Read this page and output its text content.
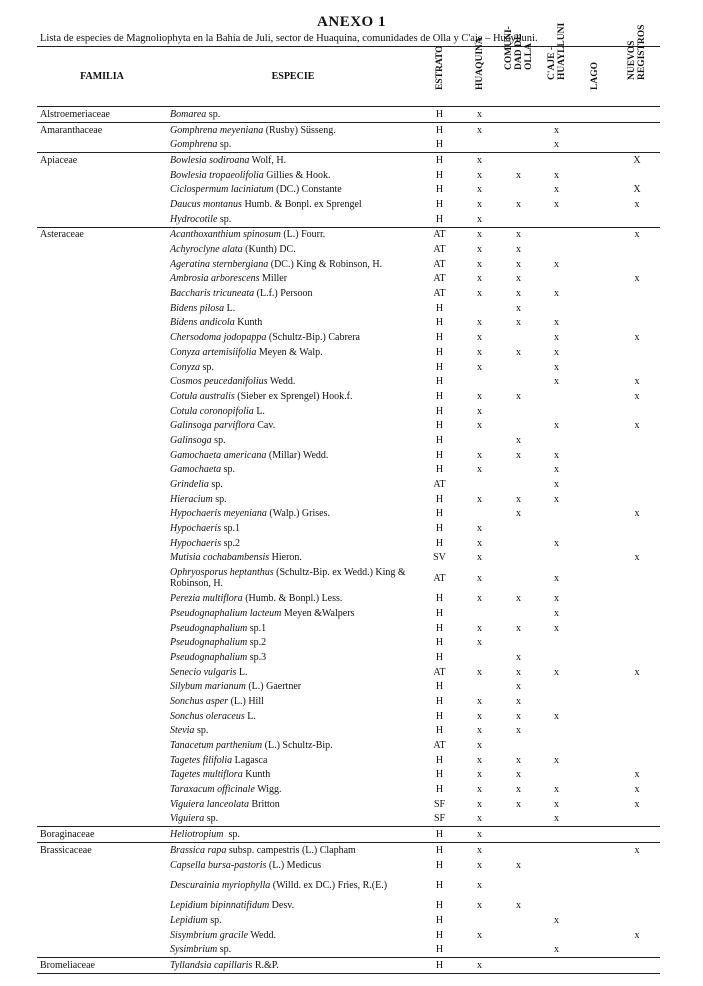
ANEXO 1
Lista de especies de Magnoliophyta en la Bahía de Juli, sector de Huaquina, comunidades de Olla y C'aje – Huaylluni.
FAMILIA	ESPECIE	ESTRATO	HUAQUINA	COMUNI-
DAD DE
OLLA	C'AJE -
HUAYLLUNI	LAGO	NUEVOS
REGISTROS

Alstroemeriaceae	Bomarea sp.	H	x				
Amaranthaceae	Gomphrena meyeniana (Rusby) Süsseng.	H	x		x		
	Gomphrena sp.	H			x		
Apiaceae	Bowlesia sodiroana Wolf, H.	H	x				X
	Bowlesia tropaeolifolia Gillies & Hook.	H	x	x	x		
	Ciclospermum laciniatum (DC.) Constante	H	x		x		X
	Daucus montanus Humb. & Bonpl. ex Sprengel	H	x	x	x		x
	Hydrocotile sp.	H	x				
Asteraceae	Acanthoxanthium spinosum (L.) Fourr.	AT	x	x			x
	Achyroclyne alata (Kunth) DC.	AT	x	x			
	Ageratina sternbergiana (DC.) King & Robinson, H.	AT	x	x	x		
	Ambrosia arborescens Miller	AT	x	x			x
	Baccharis tricuneata (L.f.) Persoon	AT	x	x	x		
	Bidens pilosa L.	H		x			
	Bidens andicola Kunth	H	x	x	x		
	Chersodoma jodopappa (Schultz-Bip.) Cabrera	H	x		x		x
	Conyza artemisiifolia Meyen & Walp.	H	x	x	x		
	Conyza sp.	H	x		x		
	Cosmos peucedanifolius Wedd.	H			x		x
	Cotula australis (Sieber ex Sprengel) Hook.f.	H	x	x			x
	Cotula coronopifolia L.	H	x				
	Galinsoga parviflora Cav.	H	x		x		x
	Galinsoga sp.	H		x			
	Gamochaeta americana (Millar) Wedd.	H	x	x	x		
	Gamochaeta sp.	H	x		x		
	Grindelia sp.	AT			x		
	Hieracium sp.	H	x	x	x		
	Hypochaeris meyeniana (Walp.) Grises.	H		x			x
	Hypochaeris sp.1	H	x				
	Hypochaeris sp.2	H	x		x		
	Mutisia cochabambensis Hieron.	SV	x				x
	Ophryosporus heptanthus (Schultz-Bip. ex Wedd.) King & Robinson, H.	AT	x		x		
	Perezia multiflora (Humb. & Bonpl.) Less.	H	x	x	x		
	Pseudognaphalium lacteum Meyen &Walpers	H			x		
	Pseudognaphalium sp.1	H	x	x	x		
	Pseudognaphalium sp.2	H	x				
	Pseudognaphalium sp.3	H		x			
	Senecio vulgaris L.	AT	x	x	x		x
	Silybum marianum (L.) Gaertner	H		x			
	Sonchus asper (L.) Hill	H	x	x			
	Sonchus oleraceus L.	H	x	x	x		
	Stevia sp.	H	x	x			
	Tanacetum parthenium (L.) Schultz-Bip.	AT	x				
	Tagetes filifolia Lagasca	H	x	x	x		
	Tagetes multiflora Kunth	H	x	x			x
	Taraxacum officinale Wigg.	H	x	x	x		x
	Viguiera lanceolata Britton	SF	x	x	x		x
	Viguiera sp.	SF	x		x		
Boraginaceae	Heliotropium  sp.	H	x				
Brassicaceae	Brassica rapa subsp. campestris (L.) Clapham	H	x				x
	Capsella bursa-pastoris (L.) Medicus	H	x	x			
	Descurainia myriophylla (Willd. ex DC.) Fries, R.(E.)	H	x				
	Lepidium bipinnatifidum Desv.	H	x	x			
	Lepidium sp.	H			x		
	Sisymbrium gracile Wedd.	H	x				x
	Sysimbrium sp.	H			x		
Bromeliaceae	Tyllandsia capillaris R.&P.	H	x				
